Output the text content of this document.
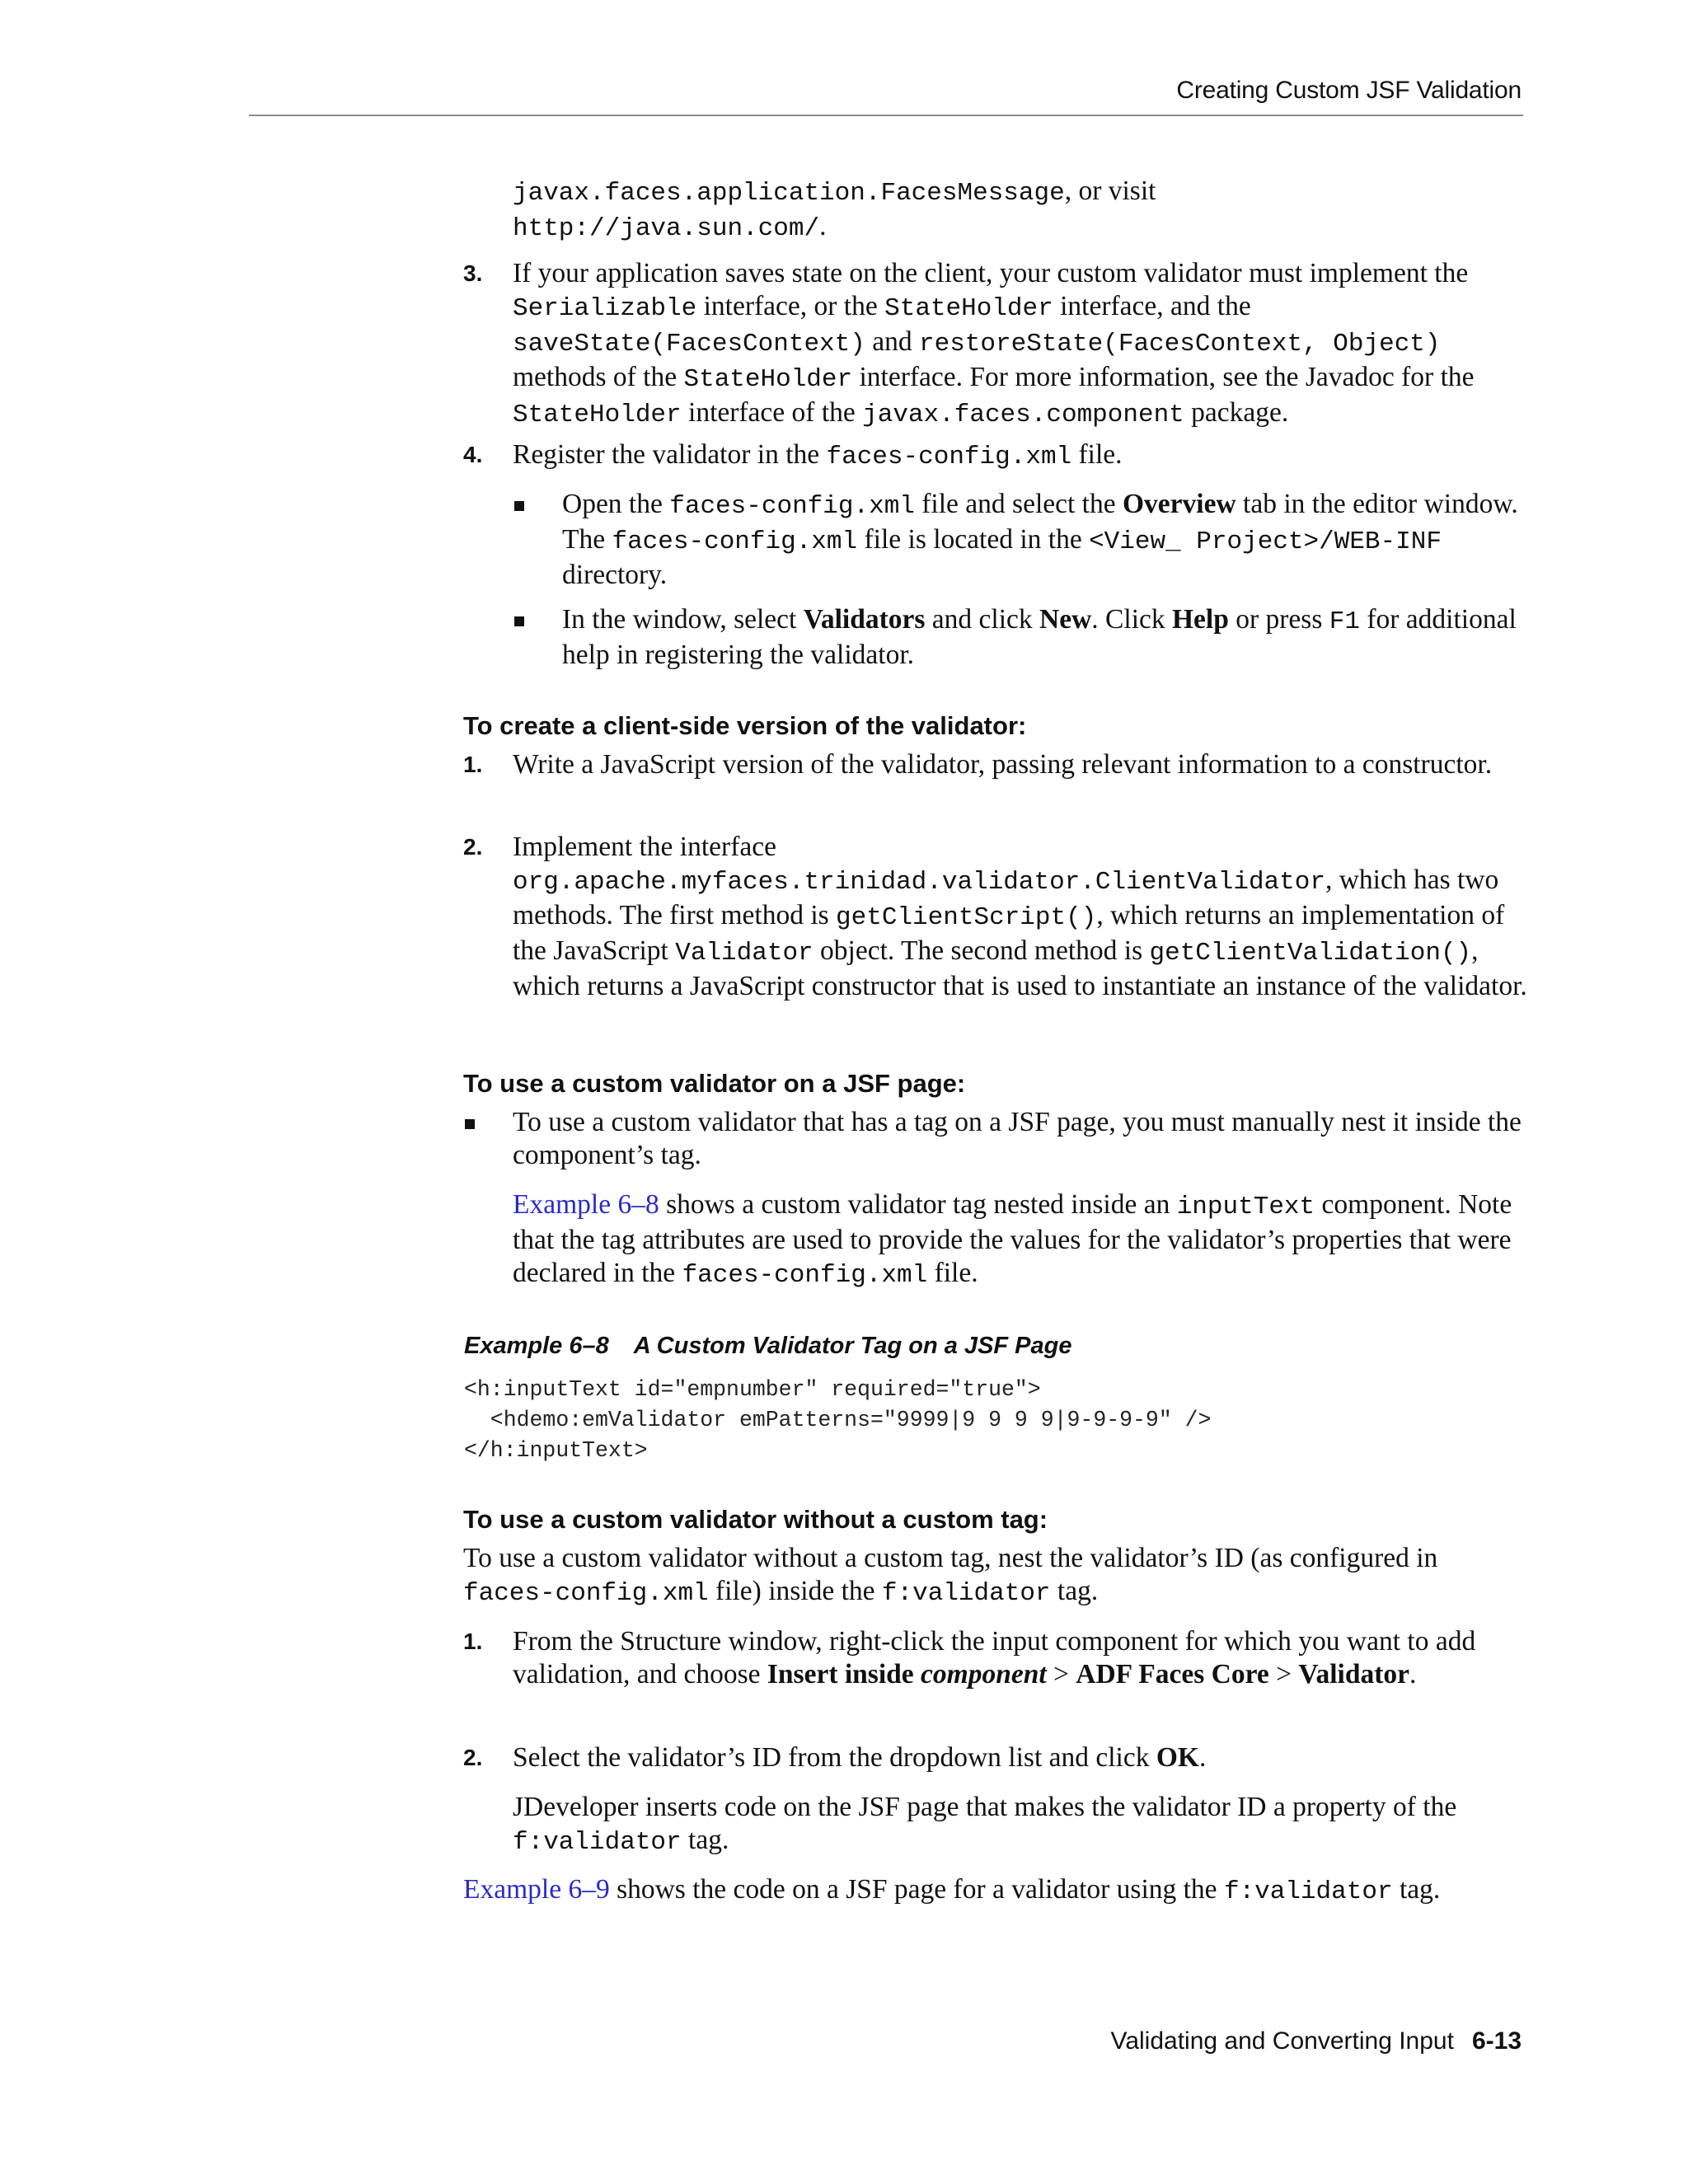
Creating Custom JSF Validation
javax.faces.application.FacesMessage, or visit
http://java.sun.com/.
3. If your application saves state on the client, your custom validator must implement the Serializable interface, or the StateHolder interface, and the saveState(FacesContext) and restoreState(FacesContext, Object) methods of the StateHolder interface. For more information, see the Javadoc for the StateHolder interface of the javax.faces.component package.
4. Register the validator in the faces-config.xml file.
Open the faces-config.xml file and select the Overview tab in the editor window. The faces-config.xml file is located in the <View_ Project>/WEB-INF directory.
In the window, select Validators and click New. Click Help or press F1 for additional help in registering the validator.
To create a client-side version of the validator:
1. Write a JavaScript version of the validator, passing relevant information to a constructor.
2. Implement the interface org.apache.myfaces.trinidad.validator.ClientValidator, which has two methods. The first method is getClientScript(), which returns an implementation of the JavaScript Validator object. The second method is getClientValidation(), which returns a JavaScript constructor that is used to instantiate an instance of the validator.
To use a custom validator on a JSF page:
To use a custom validator that has a tag on a JSF page, you must manually nest it inside the component’s tag.
Example 6–8 shows a custom validator tag nested inside an inputText component. Note that the tag attributes are used to provide the values for the validator’s properties that were declared in the faces-config.xml file.
Example 6–8 A Custom Validator Tag on a JSF Page
<h:inputText id="empnumber" required="true">
<hdemo:emValidator emPatterns="9999|9 9 9 9|9-9-9-9" />
</h:inputText>
To use a custom validator without a custom tag:
To use a custom validator without a custom tag, nest the validator’s ID (as configured in faces-config.xml file) inside the f:validator tag.
1. From the Structure window, right-click the input component for which you want to add validation, and choose Insert inside component > ADF Faces Core > Validator.
2. Select the validator’s ID from the dropdown list and click OK.
JDeveloper inserts code on the JSF page that makes the validator ID a property of the f:validator tag.
Example 6–9 shows the code on a JSF page for a validator using the f:validator tag.
Validating and Converting Input 6-13
